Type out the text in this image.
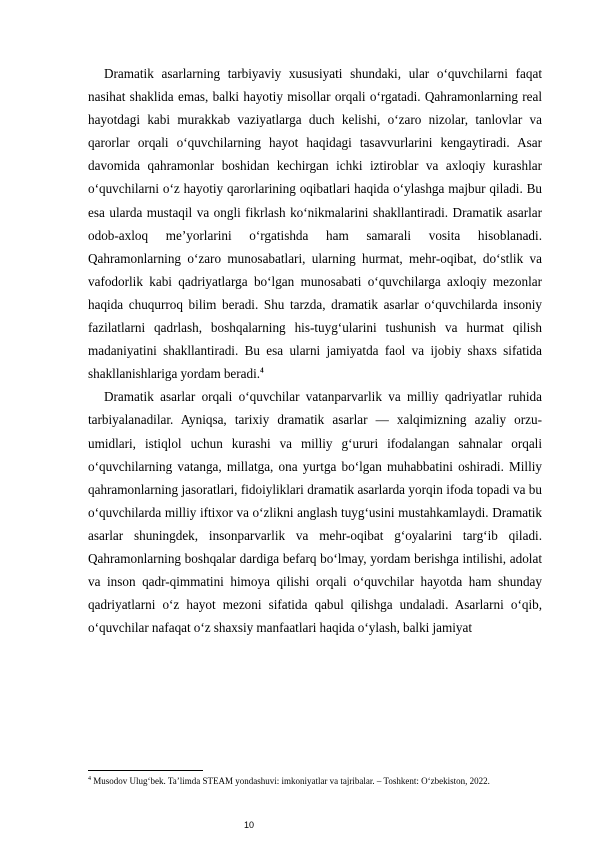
Dramatik asarlarning tarbiyaviy xususiyati shundaki, ular o‘quvchilarni faqat nasihat shaklida emas, balki hayotiy misollar orqali o‘rgatadi. Qahramonlarning real hayotdagi kabi murakkab vaziyatlarga duch kelishi, o‘zaro nizolar, tanlovlar va qarorlar orqali o‘quvchilarning hayot haqidagi tasavvurlarini kengaytiradi. Asar davomida qahramonlar boshidan kechirgan ichki iztiroblar va axloqiy kurashlar o‘quvchilarni o‘z hayotiy qarorlarining oqibatlari haqida o‘ylashga majbur qiladi. Bu esa ularda mustaqil va ongli fikrlash ko‘nikmalarini shakllantiradi. Dramatik asarlar odob-axloq me’yorlarini o‘rgatishda ham samarali vosita hisoblanadi. Qahramonlarning o‘zaro munosabatlari, ularning hurmat, mehr-oqibat, do‘stlik va vafodorlik kabi qadriyatlarga bo‘lgan munosabati o‘quvchilarga axloqiy mezonlar haqida chuqurroq bilim beradi. Shu tarzda, dramatik asarlar o‘quvchilarda insoniy fazilatlarni qadrlash, boshqalarning his-tuyg‘ularini tushunish va hurmat qilish madaniyatini shakllantiradi. Bu esa ularni jamiyatda faol va ijobiy shaxs sifatida shakllanishlariga yordam beradi.$^4$

Dramatik asarlar orqali o‘quvchilar vatanparvarlik va milliy qadriyatlar ruhida tarbiyalanadilar. Ayniqsa, tarixiy dramatik asarlar — xalqimizning azaliy orzu-umidlari, istiqlol uchun kurashi va milliy g‘ururi ifodalangan sahnalar orqali o‘quvchilarning vatanga, millatga, ona yurtga bo‘lgan muhabbatini oshiradi. Milliy qahramonlarning jasoratlari, fidoiyliklari dramatik asarlarda yorqin ifoda topadi va bu o‘quvchilarda milliy iftixor va o‘zlikni anglash tuyg‘usini mustahkamlaydi. Dramatik asarlar shuningdek, insonparvarlik va mehr-oqibat g‘oyalarini targ‘ib qiladi. Qahramonlarning boshqalar dardiga befarq bo‘lmay, yordam berishga intilishi, adolat va inson qadr-qimmatini himoya qilishi orqali o‘quvchilar hayotda ham shunday qadriyatlarni o‘z hayot mezoni sifatida qabul qilishga undaladi. Asarlarni o‘qib, o‘quvchilar nafaqat o‘z shaxsiy manfaatlari haqida o‘ylash, balki jamiyat

$^4$ Musodov Ulug‘bek. Ta’limda STEAM yondashuvi: imkoniyatlar va tajribalar. – Toshkent: O‘zbekiston, 2022.
10
